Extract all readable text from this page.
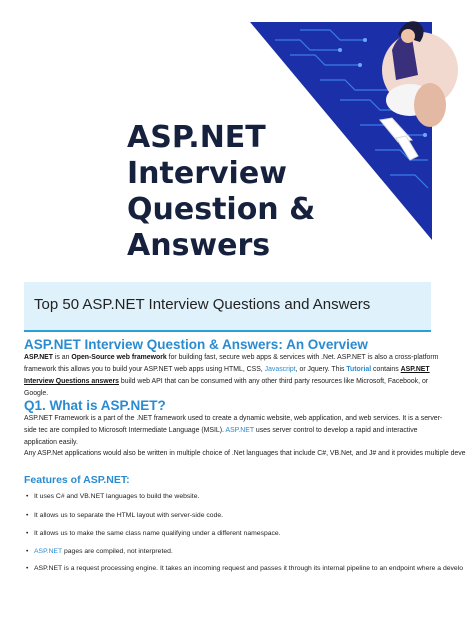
ASP.NET
Interview
Question &
Answers
Top 50 ASP.NET Interview Questions and Answers
ASP.NET Interview Question & Answers: An Overview

ASP.NET is an Open-Source web framework for building fast, secure web apps & services with .Net. ASP.NET is also a cross-platform framework this allows you to build your ASP.NET web apps using HTML, CSS, Javascript, or Jquery. This Tutorial contains ASP.NET Interview Questions answers build web API that can be consumed with any other third party resources like Microsoft, Facebook, or Google.

Q1. What is ASP.NET?

ASP.NET Framework is a part of the .NET framework used to create a dynamic website, web application, and web services. It is a server-side tec are compiled to Microsoft Intermediate Language (MSIL). ASP.NET uses server control to develop a rapid and interactive application easily.

Any ASP.Net applications would also be written in multiple choice of .Net languages that include C#, VB.Net, and J# and it provides multiple deve

Features of ASP.NET:

• It uses C# and VB.NET languages to build the website.

• It allows us to separate the HTML layout with server-side code.

• It allows us to make the same class name qualifying under a different namespace.

• ASP.NET pages are compiled, not interpreted.

• ASP.NET is a request processing engine. It takes an incoming request and passes it through its internal pipeline to an endpoint where a develo
